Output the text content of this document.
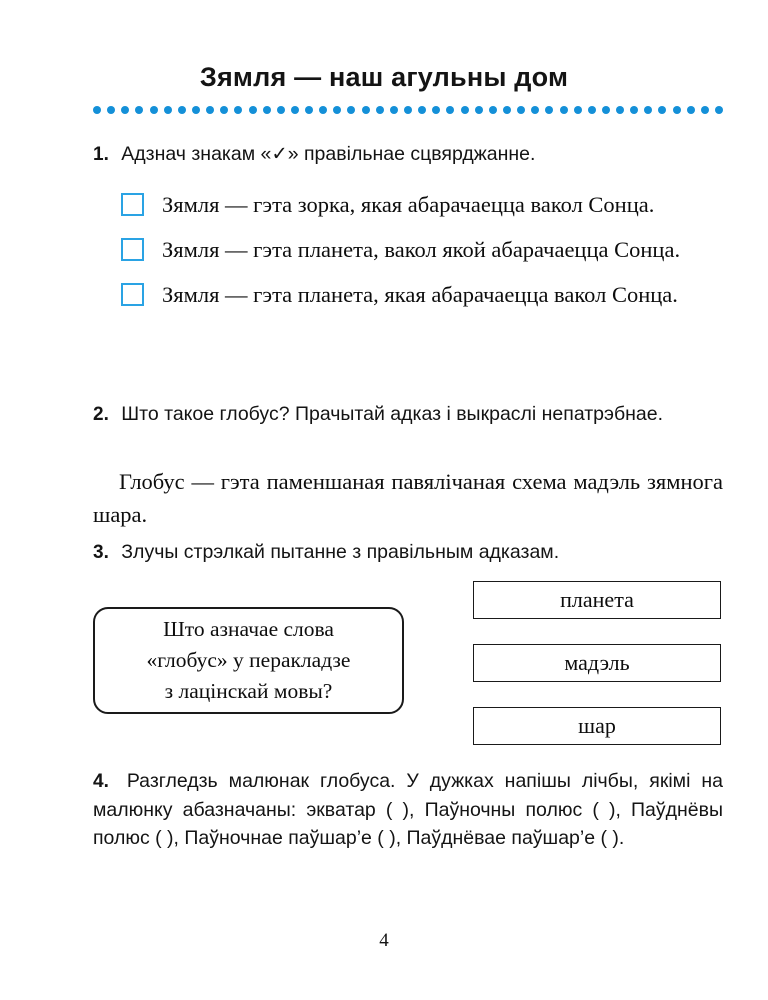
Зямля — наш агульны дом
1. Адзнач знакам «✓» правільнае сцвярджанне.
Зямля — гэта зорка, якая абарачаецца вакол Сонца.
Зямля — гэта планета, вакол якой абарачаецца Сонца.
Зямля — гэта планета, якая абарачаецца вакол Сонца.
2. Што такое глобус? Прачытай адказ і выкраслі непатрэбнае.
Глобус — гэта паменшаная павялічаная схема мадэль зямнога шара.
3. Злучы стрэлкай пытанне з правільным адказам.
Што азначае слова
«глобус» у перакладзе
з лацінскай мовы?
планета
мадэль
шар
4. Разгледзь малюнак глобуса. У дужках напішы лічбы, якімі на малюнку абазначаны: экватар ( ), Паўночны полюс ( ), Паўднёвы полюс ( ), Паўночнае паўшар’е ( ), Паўднёвае паўшар’е ( ).
4
